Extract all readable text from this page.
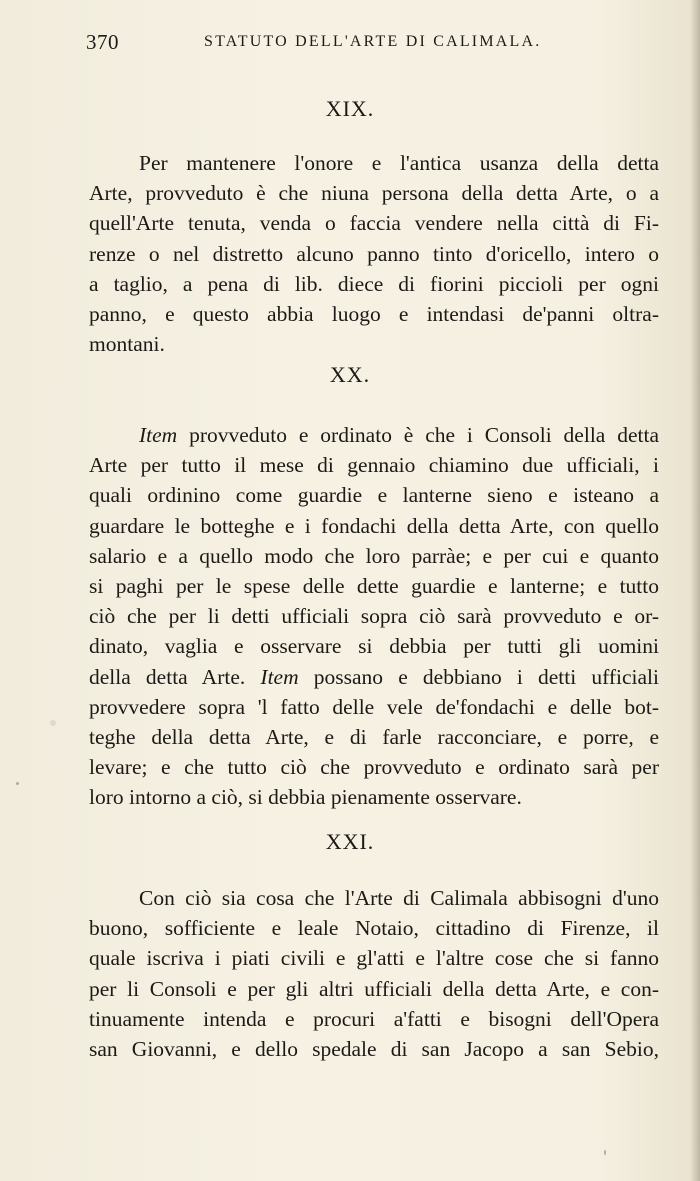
370	STATUTO DELL'ARTE DI CALIMALA.
XIX.
Per mantenere l'onore e l'antica usanza della detta
Arte, provveduto è che niuna persona della detta Arte, o a
quell'Arte tenuta, venda o faccia vendere nella città di Fi-
renze o nel distretto alcuno panno tinto d'oricello, intero o
a taglio, a pena di lib. diece di fiorini piccioli per ogni
panno, e questo abbia luogo e intendasi de'panni oltra-
montani.
XX.
Item provveduto e ordinato è che i Consoli della detta
Arte per tutto il mese di gennaio chiamino due ufficiali, i
quali ordinino come guardie e lanterne sieno e isteano a
guardare le botteghe e i fondachi della detta Arte, con quello
salario e a quello modo che loro parràe; e per cui e quanto
si paghi per le spese delle dette guardie e lanterne; e tutto
ciò che per li detti ufficiali sopra ciò sarà provveduto e or-
dinato, vaglia e osservare si debbia per tutti gli uomini
della detta Arte. Item possano e debbiano i detti ufficiali
provvedere sopra 'l fatto delle vele de'fondachi e delle bot-
teghe della detta Arte, e di farle racconciare, e porre, e
levare; e che tutto ciò che provveduto e ordinato sarà per
loro intorno a ciò, si debbia pienamente osservare.
XXI.
Con ciò sia cosa che l'Arte di Calimala abbisogni d'uno
buono, sofficiente e leale Notaio, cittadino di Firenze, il
quale iscriva i piati civili e gl'atti e l'altre cose che si fanno
per li Consoli e per gli altri ufficiali della detta Arte, e con-
tinuamente intenda e procuri a'fatti e bisogni dell'Opera
san Giovanni, e dello spedale di san Jacopo a san Sebio,
